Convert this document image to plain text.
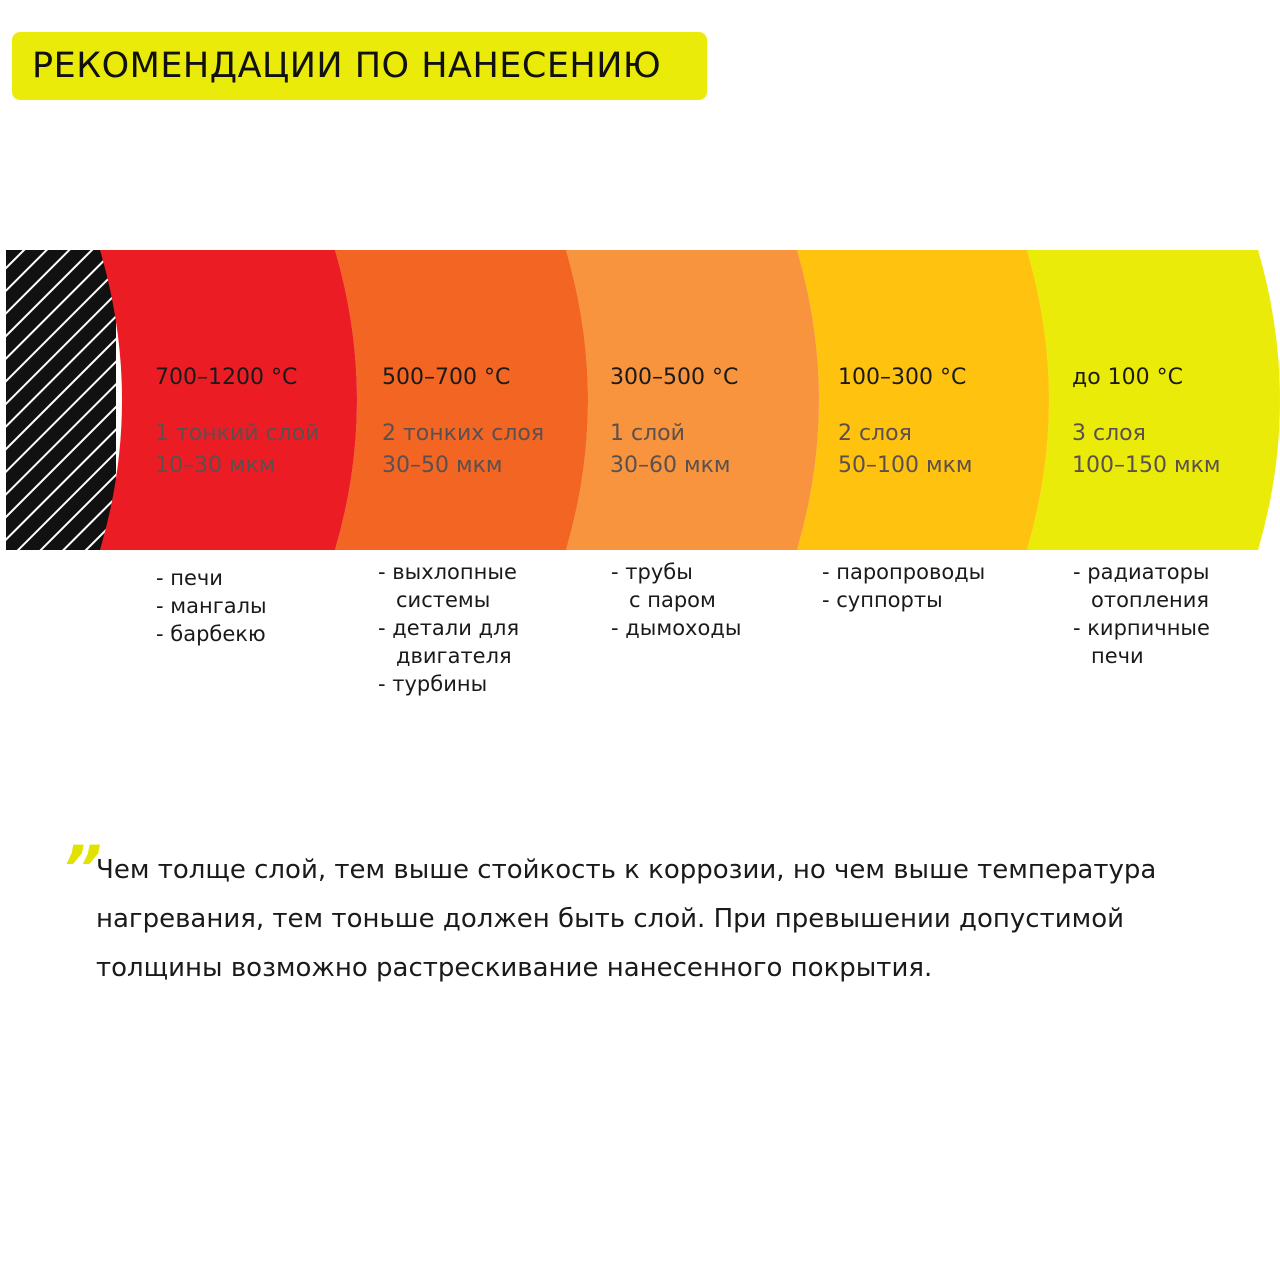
РЕКОМЕНДАЦИИ ПО НАНЕСЕНИЮ
700–1200 °C
1 тонкий слой
10–30 мкм
500–700 °C
2 тонких слоя
30–50 мкм
300–500 °C
1 слой
30–60 мкм
100–300 °C
2 слоя
50–100 мкм
до 100 °C
3 слоя
100–150 мкм
- печи
- мангалы
- барбекю
- выхлопные
системы
- детали для
двигателя
- турбины
- трубы
с паром
- дымоходы
- паропроводы
- суппорты
- радиаторы
отопления
- кирпичные
печи
”

Чем толще слой, тем выше стойкость к коррозии, но чем выше температура нагревания, тем тоньше должен быть слой. При превышении допустимой толщины возможно растрескивание нанесенного покрытия.
